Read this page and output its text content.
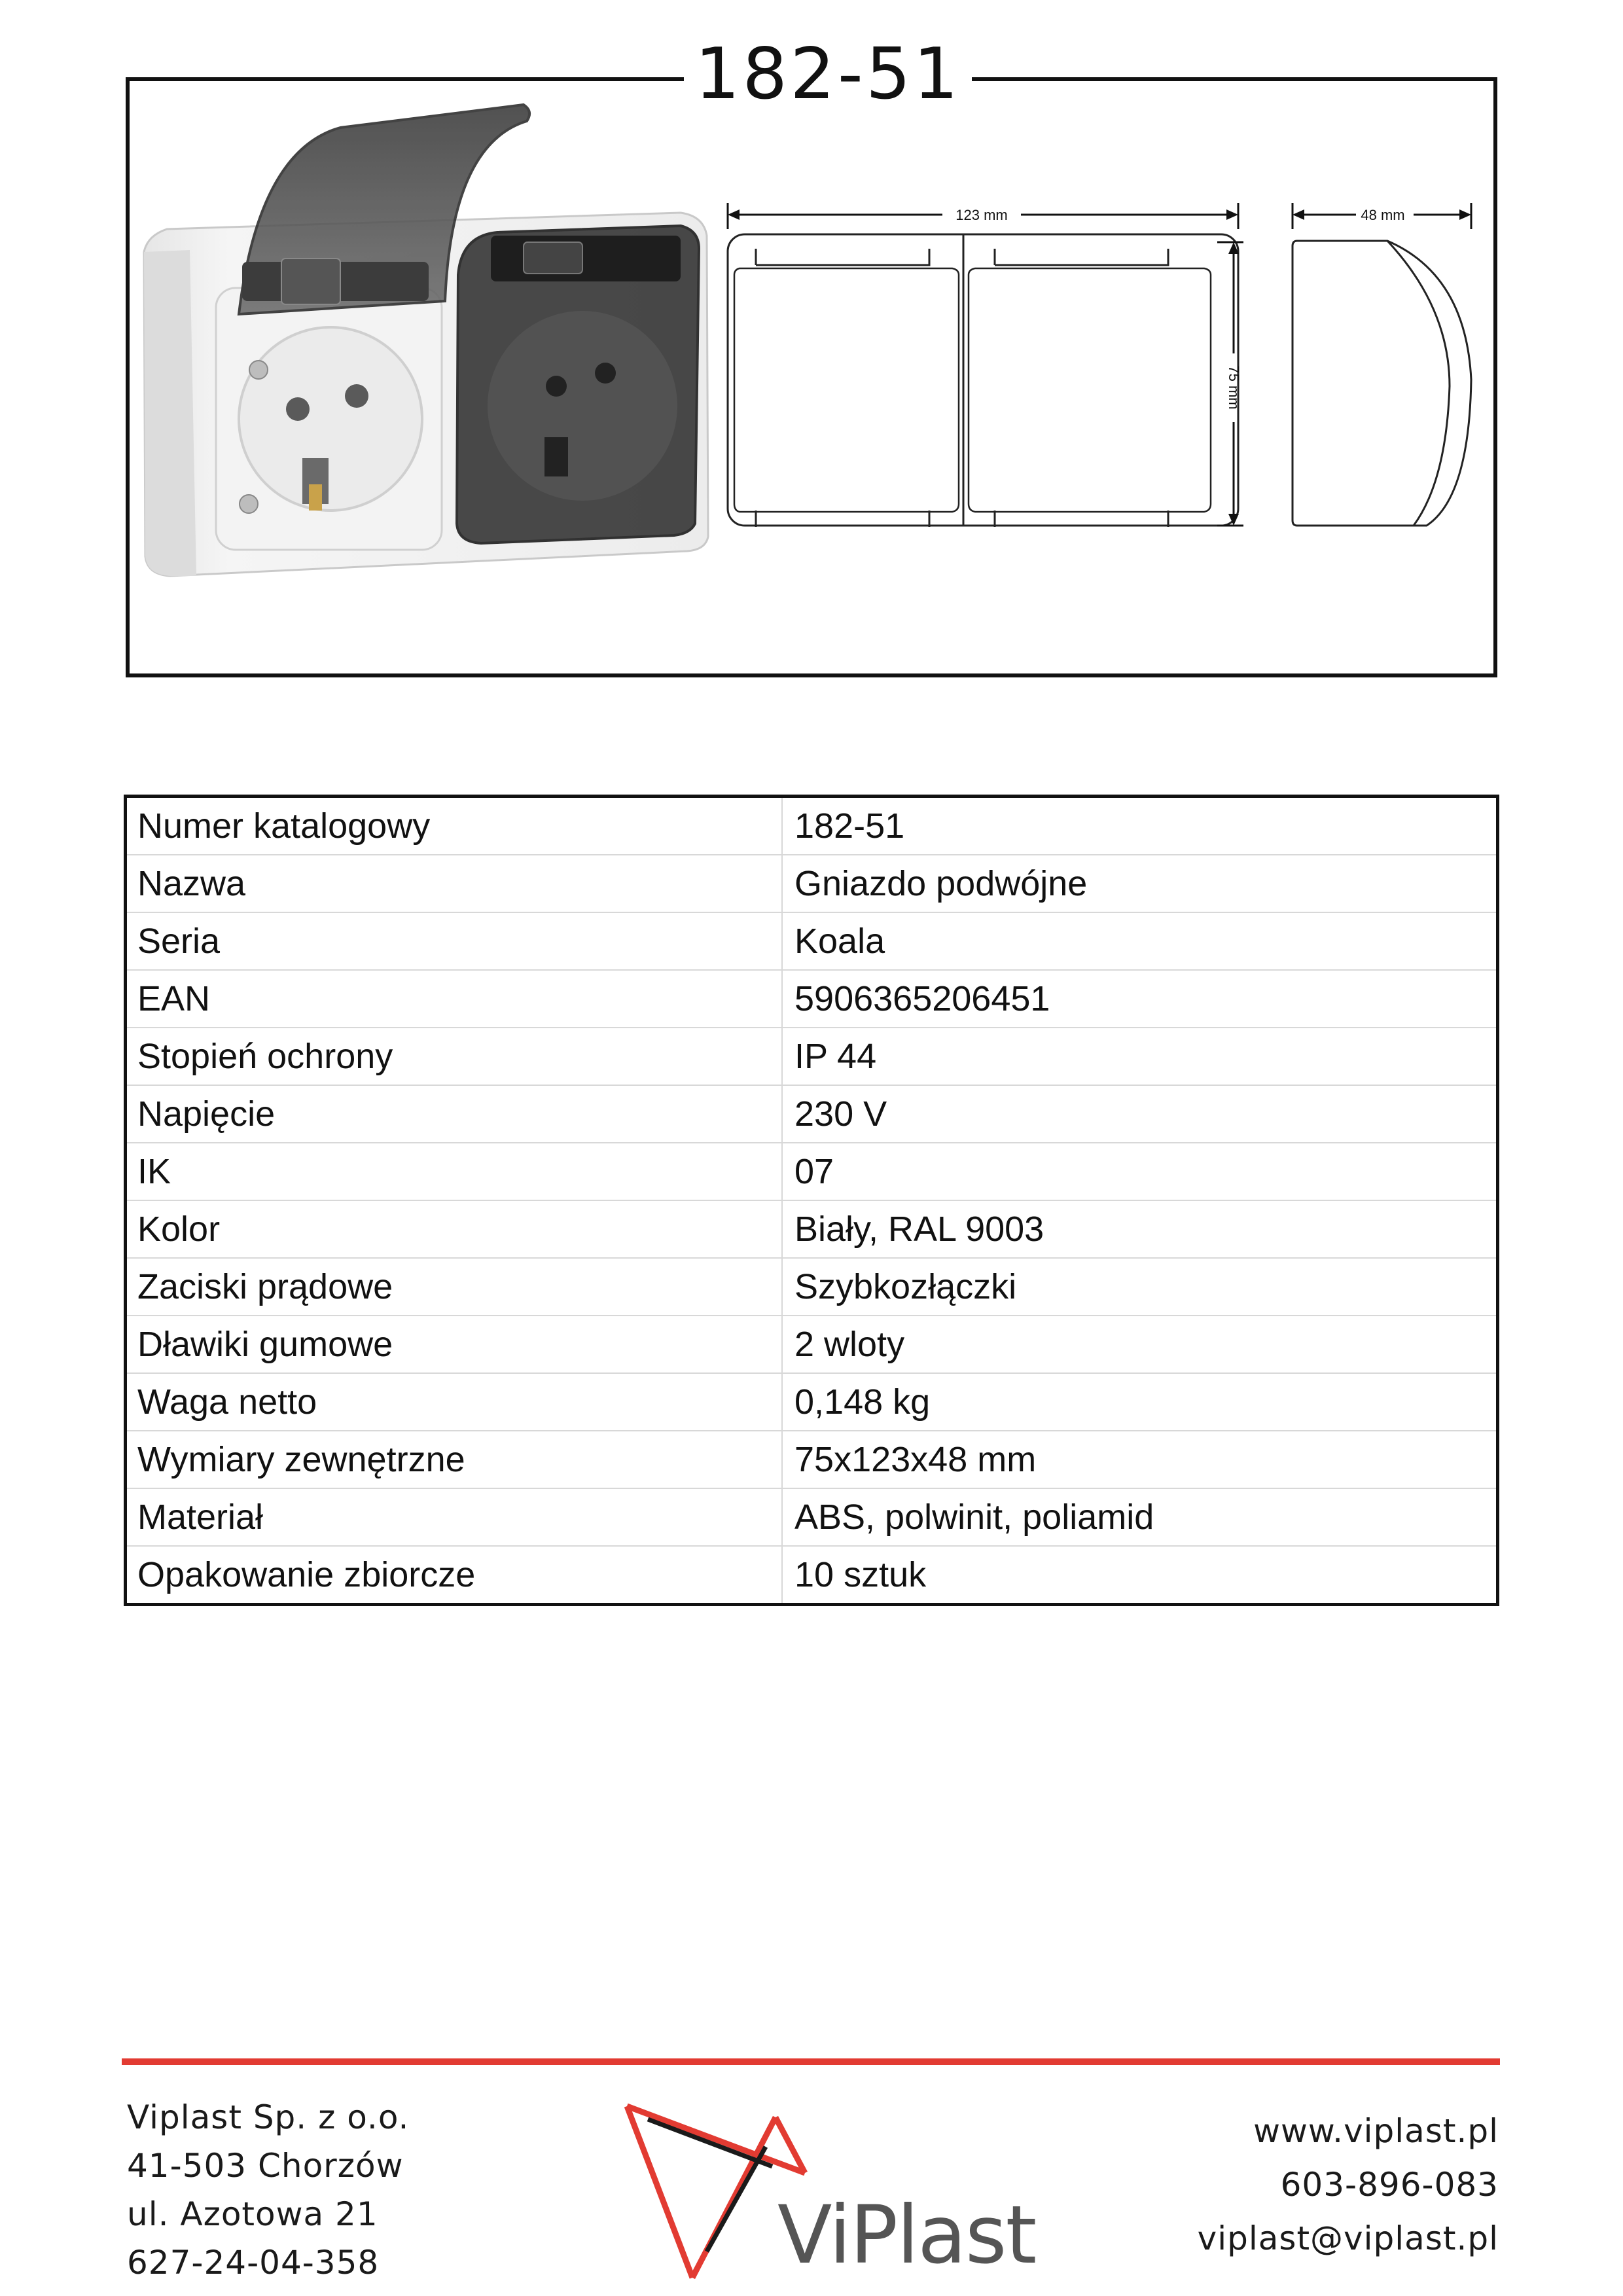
182-51
123 mm
75 mm
48 mm
Numer katalogowy	182-51
Nazwa	Gniazdo podwójne
Seria	Koala
EAN	5906365206451
Stopień ochrony	IP 44
Napięcie	230 V
IK	07
Kolor	Biały, RAL 9003
Zaciski prądowe	Szybkozłączki
Dławiki gumowe	2 wloty
Waga netto	0,148 kg
Wymiary zewnętrzne	75x123x48 mm
Materiał	ABS, polwinit, poliamid
Opakowanie zbiorcze	10 sztuk
Viplast Sp. z o.o.
41-503 Chorzów
ul. Azotowa 21
627-24-04-358	ViPlast
www.viplast.pl
603-896-083
viplast@viplast.pl
